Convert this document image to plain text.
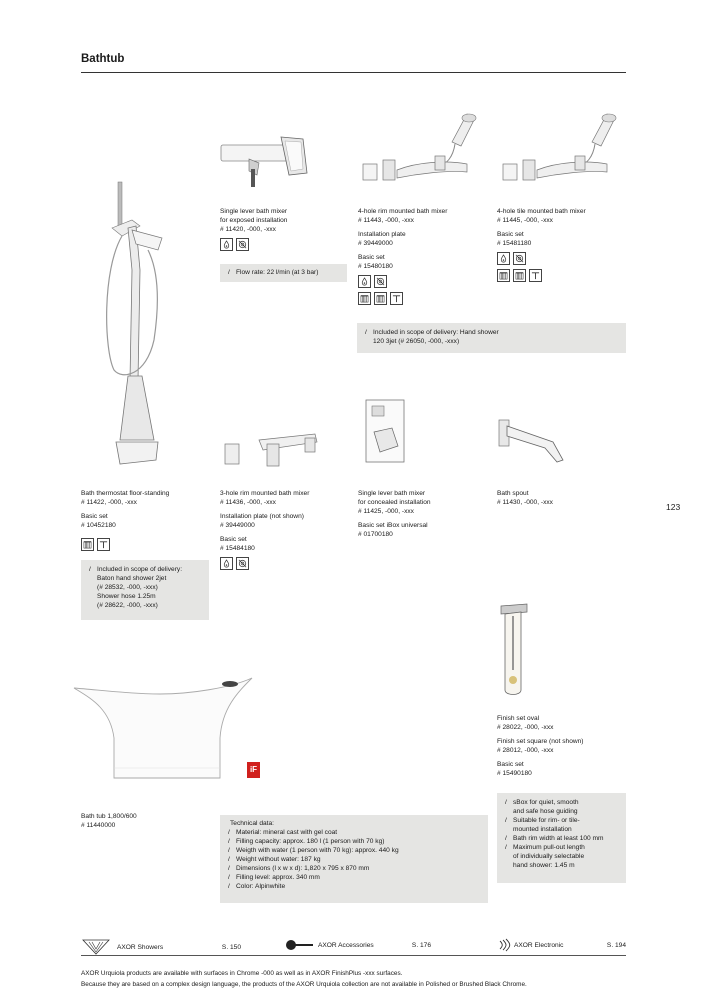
Bathtub
Single lever bath mixer
for exposed installation
# 11420, -000, -xxx
/ Flow rate: 22 l/min (at 3 bar)
4-hole rim mounted bath mixer
# 11443, -000, -xxx
Installation plate
# 39449000
Basic set
# 15480180
/ Included in scope of delivery: Hand shower
120 3jet (# 26050, -000, -xxx)
4-hole tile mounted bath mixer
# 11445, -000, -xxx
Basic set
# 15481180
Bath thermostat floor-standing
# 11422, -000, -xxx
Basic set
# 10452180
/ Included in scope of delivery:
Baton hand shower 2jet
(# 28532, -000, -xxx)
Shower hose 1.25m
(# 28622, -000, -xxx)
3-hole rim mounted bath mixer
# 11436, -000, -xxx
Installation plate (not shown)
# 39449000
Basic set
# 15484180
Single lever bath mixer
for concealed installation
# 11425, -000, -xxx
Basic set iBox universal
# 01700180
Bath spout
# 11430, -000, -xxx	123
Finish set oval
# 28022, -000, -xxx
Finish set square (not shown)
# 28012, -000, -xxx
Basic set
# 15490180
/ sBox for quiet, smooth
and safe hose guiding
/ Suitable for rim- or tile-
mounted installation
/ Bath rim width at least 100 mm
/ Maximum pull-out length
of individually selectable
hand shower: 1.45 m
iF
Bath tub 1,800/600
# 11440000	Technical data:
/ Material: mineral cast with gel coat
/ Filling capacity: approx. 180 l (1 person with 70 kg)
/ Weigth with water (1 person with 70 kg): approx. 440 kg
/ Weight without water: 187 kg
/ Dimensions (l x w x d): 1,820 x 795 x 870 mm
/ Filling level: approx. 340 mm
/ Color: Alpinwhite
AXOR Showers	S. 150	AXOR Accessories	S. 176	AXOR Electronic	S. 194
AXOR Urquiola products are available with surfaces in Chrome -000 as well as in AXOR FinishPlus -xxx surfaces.
Because they are based on a complex design language, the products of the AXOR Urquiola collection are not available in Polished or Brushed Black Chrome.
